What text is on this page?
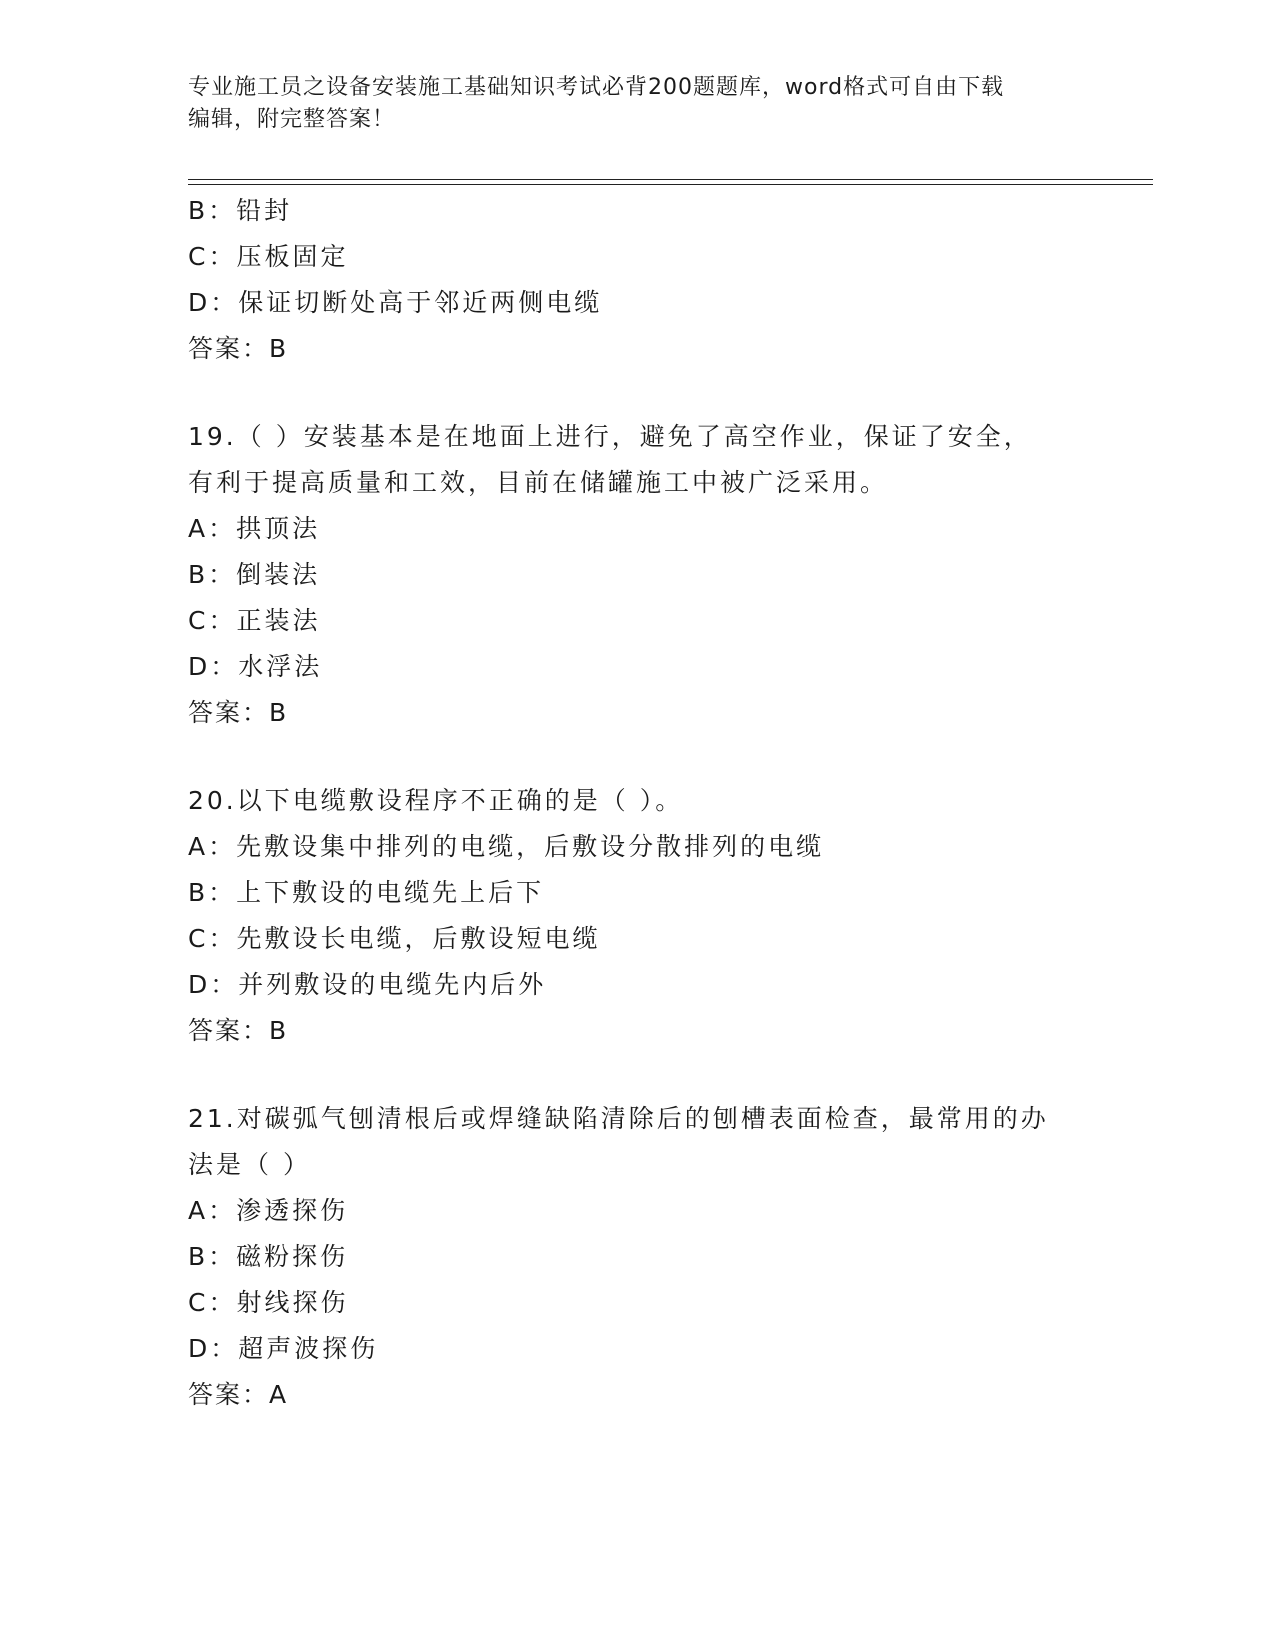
专业施工员之设备安装施工基础知识考试必背200题题库，word格式可自由下载
编辑，附完整答案！
B：铅封
C：压板固定
D：保证切断处高于邻近两侧电缆
答案：B
19.（ ）安装基本是在地面上进行，避免了高空作业，保证了安全，
有利于提高质量和工效，目前在储罐施工中被广泛采用。
A：拱顶法
B：倒装法
C：正装法
D：水浮法
答案：B
20.以下电缆敷设程序不正确的是（ ）。
A：先敷设集中排列的电缆，后敷设分散排列的电缆
B：上下敷设的电缆先上后下
C：先敷设长电缆，后敷设短电缆
D：并列敷设的电缆先内后外
答案：B
21.对碳弧气刨清根后或焊缝缺陷清除后的刨槽表面检查，最常用的办
法是（ ）
A：渗透探伤
B：磁粉探伤
C：射线探伤
D：超声波探伤
答案：A
